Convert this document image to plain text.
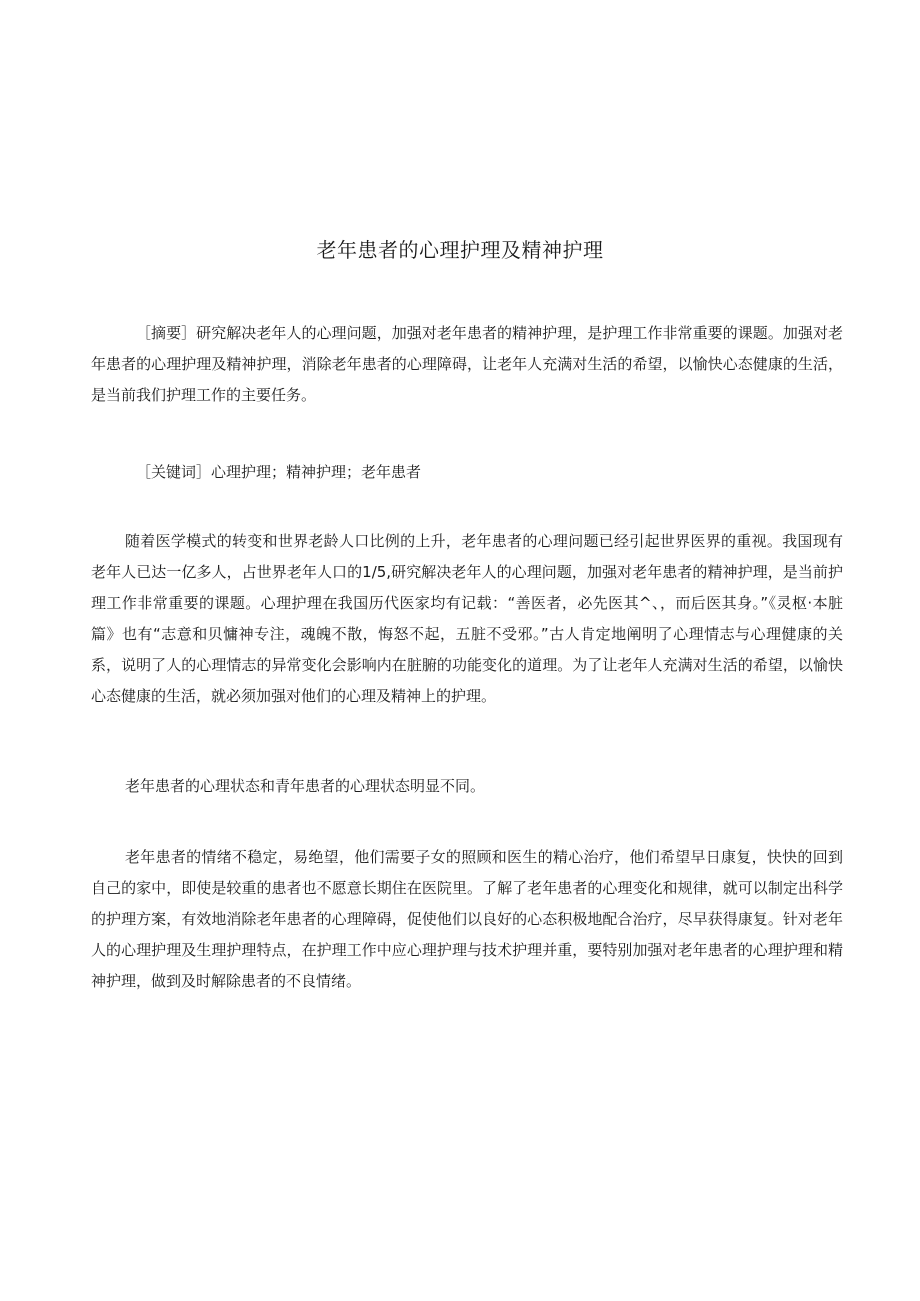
老年患者的心理护理及精神护理

［摘要］研究解决老年人的心理问题，加强对老年患者的精神护理，是护理工作非常重要的课题。加强对老年患者的心理护理及精神护理，消除老年患者的心理障碍，让老年人充满对生活的希望，以愉快心态健康的生活，是当前我们护理工作的主要任务。

［关键词］心理护理；精神护理；老年患者

随着医学模式的转变和世界老龄人口比例的上升，老年患者的心理问题已经引起世界医界的重视。我国现有老年人已达一亿多人，占世界老年人口的1/5,研究解决老年人的心理问题，加强对老年患者的精神护理，是当前护理工作非常重要的课题。心理护理在我国历代医家均有记载：“善医者，必先医其^、，而后医其身。”《灵枢·本脏篇》也有“志意和贝慵神专注，魂魄不散，悔怒不起，五脏不受邪。”古人肯定地阐明了心理情志与心理健康的关系，说明了人的心理情志的异常变化会影响内在脏腑的功能变化的道理。为了让老年人充满对生活的希望，以愉快心态健康的生活，就必须加强对他们的心理及精神上的护理。

老年患者的心理状态和青年患者的心理状态明显不同。

老年患者的情绪不稳定，易绝望，他们需要子女的照顾和医生的精心治疗，他们希望早日康复，快快的回到自己的家中，即使是较重的患者也不愿意长期住在医院里。了解了老年患者的心理变化和规律，就可以制定出科学的护理方案，有效地消除老年患者的心理障碍，促使他们以良好的心态积极地配合治疗，尽早获得康复。针对老年人的心理护理及生理护理特点，在护理工作中应心理护理与技术护理并重，要特别加强对老年患者的心理护理和精神护理，做到及时解除患者的不良情绪。
